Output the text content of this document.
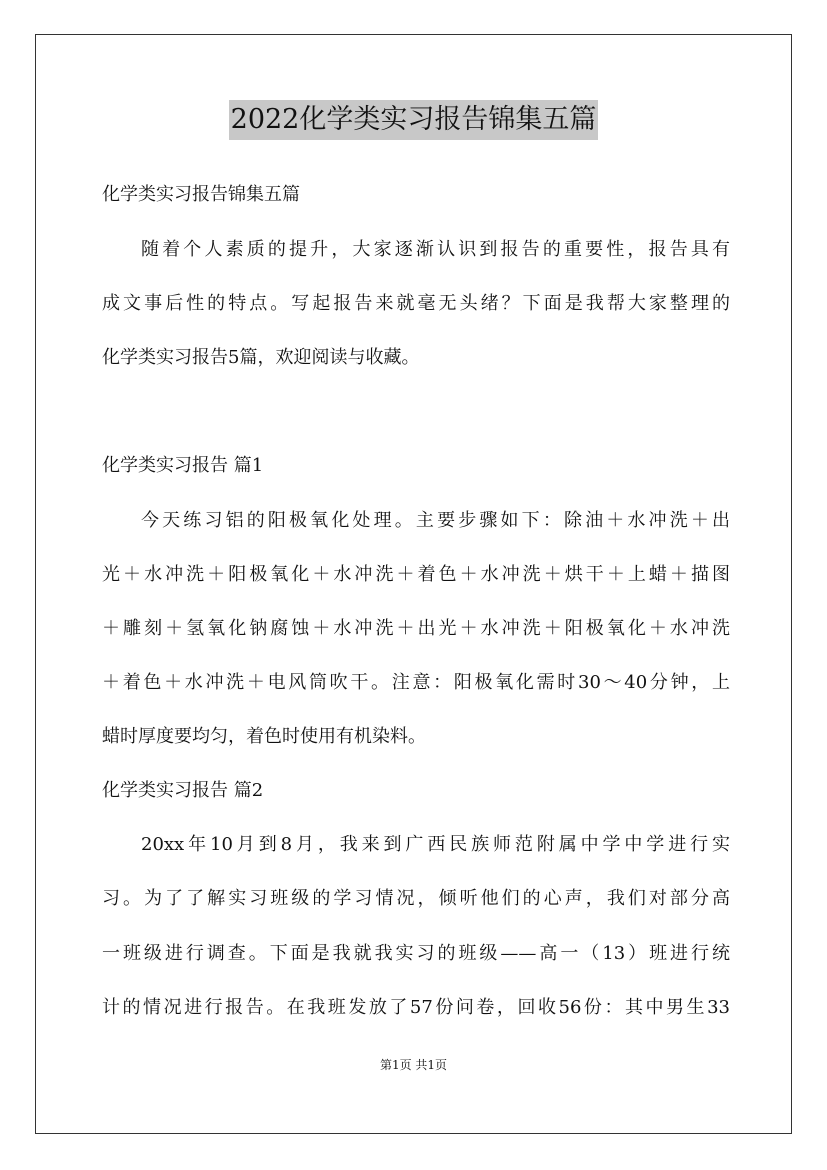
2022化学类实习报告锦集五篇
化学类实习报告锦集五篇
随着个人素质的提升，大家逐渐认识到报告的重要性，报告具有
成文事后性的特点。写起报告来就毫无头绪？下面是我帮大家整理的
化学类实习报告5篇，欢迎阅读与收藏。
化学类实习报告 篇1
今天练习铝的阳极氧化处理。主要步骤如下：除油＋水冲洗＋出
光＋水冲洗＋阳极氧化＋水冲洗＋着色＋水冲洗＋烘干＋上蜡＋描图
＋雕刻＋氢氧化钠腐蚀＋水冲洗＋出光＋水冲洗＋阳极氧化＋水冲洗
＋着色＋水冲洗＋电风筒吹干。注意：阳极氧化需时30～40分钟，上
蜡时厚度要均匀，着色时使用有机染料。
化学类实习报告 篇2
20xx年10月到8月，我来到广西民族师范附属中学中学进行实
习。为了了解实习班级的学习情况，倾听他们的心声，我们对部分高
一班级进行调查。下面是我就我实习的班级——高一（13）班进行统
计的情况进行报告。在我班发放了57份问卷，回收56份：其中男生33
第1页 共1页
